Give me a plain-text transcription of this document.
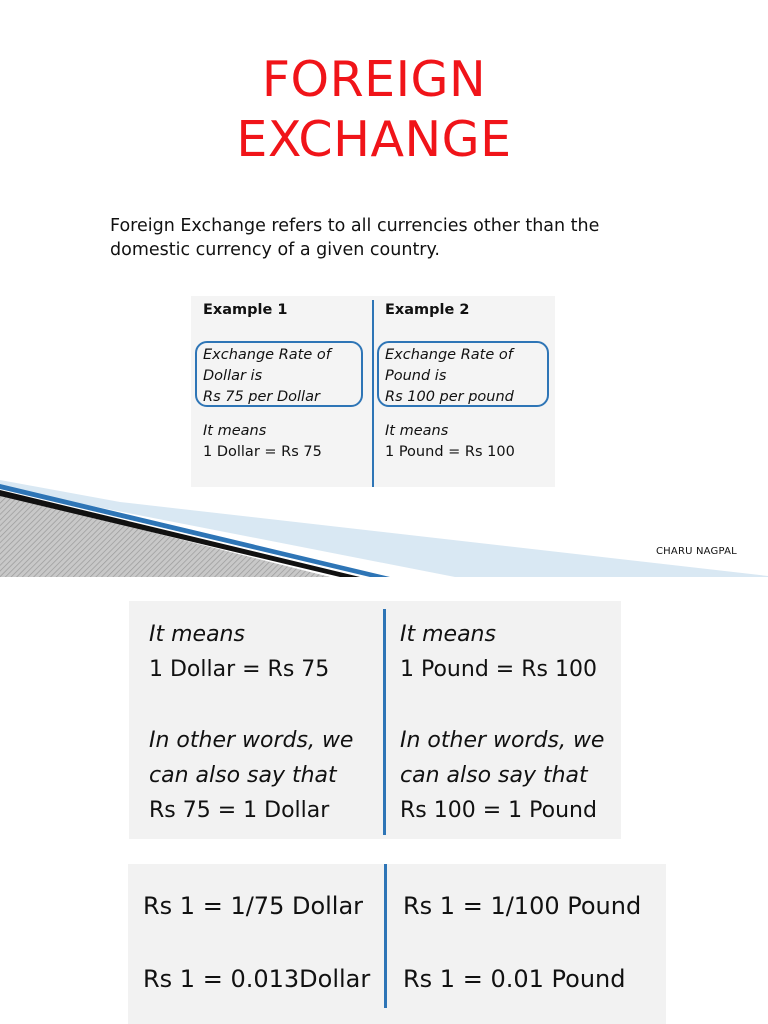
FOREIGN
EXCHANGE
Foreign Exchange refers to all currencies other than the
domestic currency of a given country.
Example 1
Exchange Rate of
Dollar is
Rs 75 per Dollar
It means
1 Dollar = Rs 75
Example 2
Exchange Rate of
Pound is
Rs 100 per pound
It means
1 Pound = Rs 100
CHARU NAGPAL
It means
1 Dollar = Rs 75
In other words, we
can also say that
Rs 75 = 1 Dollar
It means
1 Pound = Rs 100
In other words, we
can also say that
Rs 100 = 1 Pound
Rs 1 = 1/75 Dollar Rs 1 = 1/100 Pound
Rs 1 = 0.013Dollar Rs 1 = 0.01 Pound
